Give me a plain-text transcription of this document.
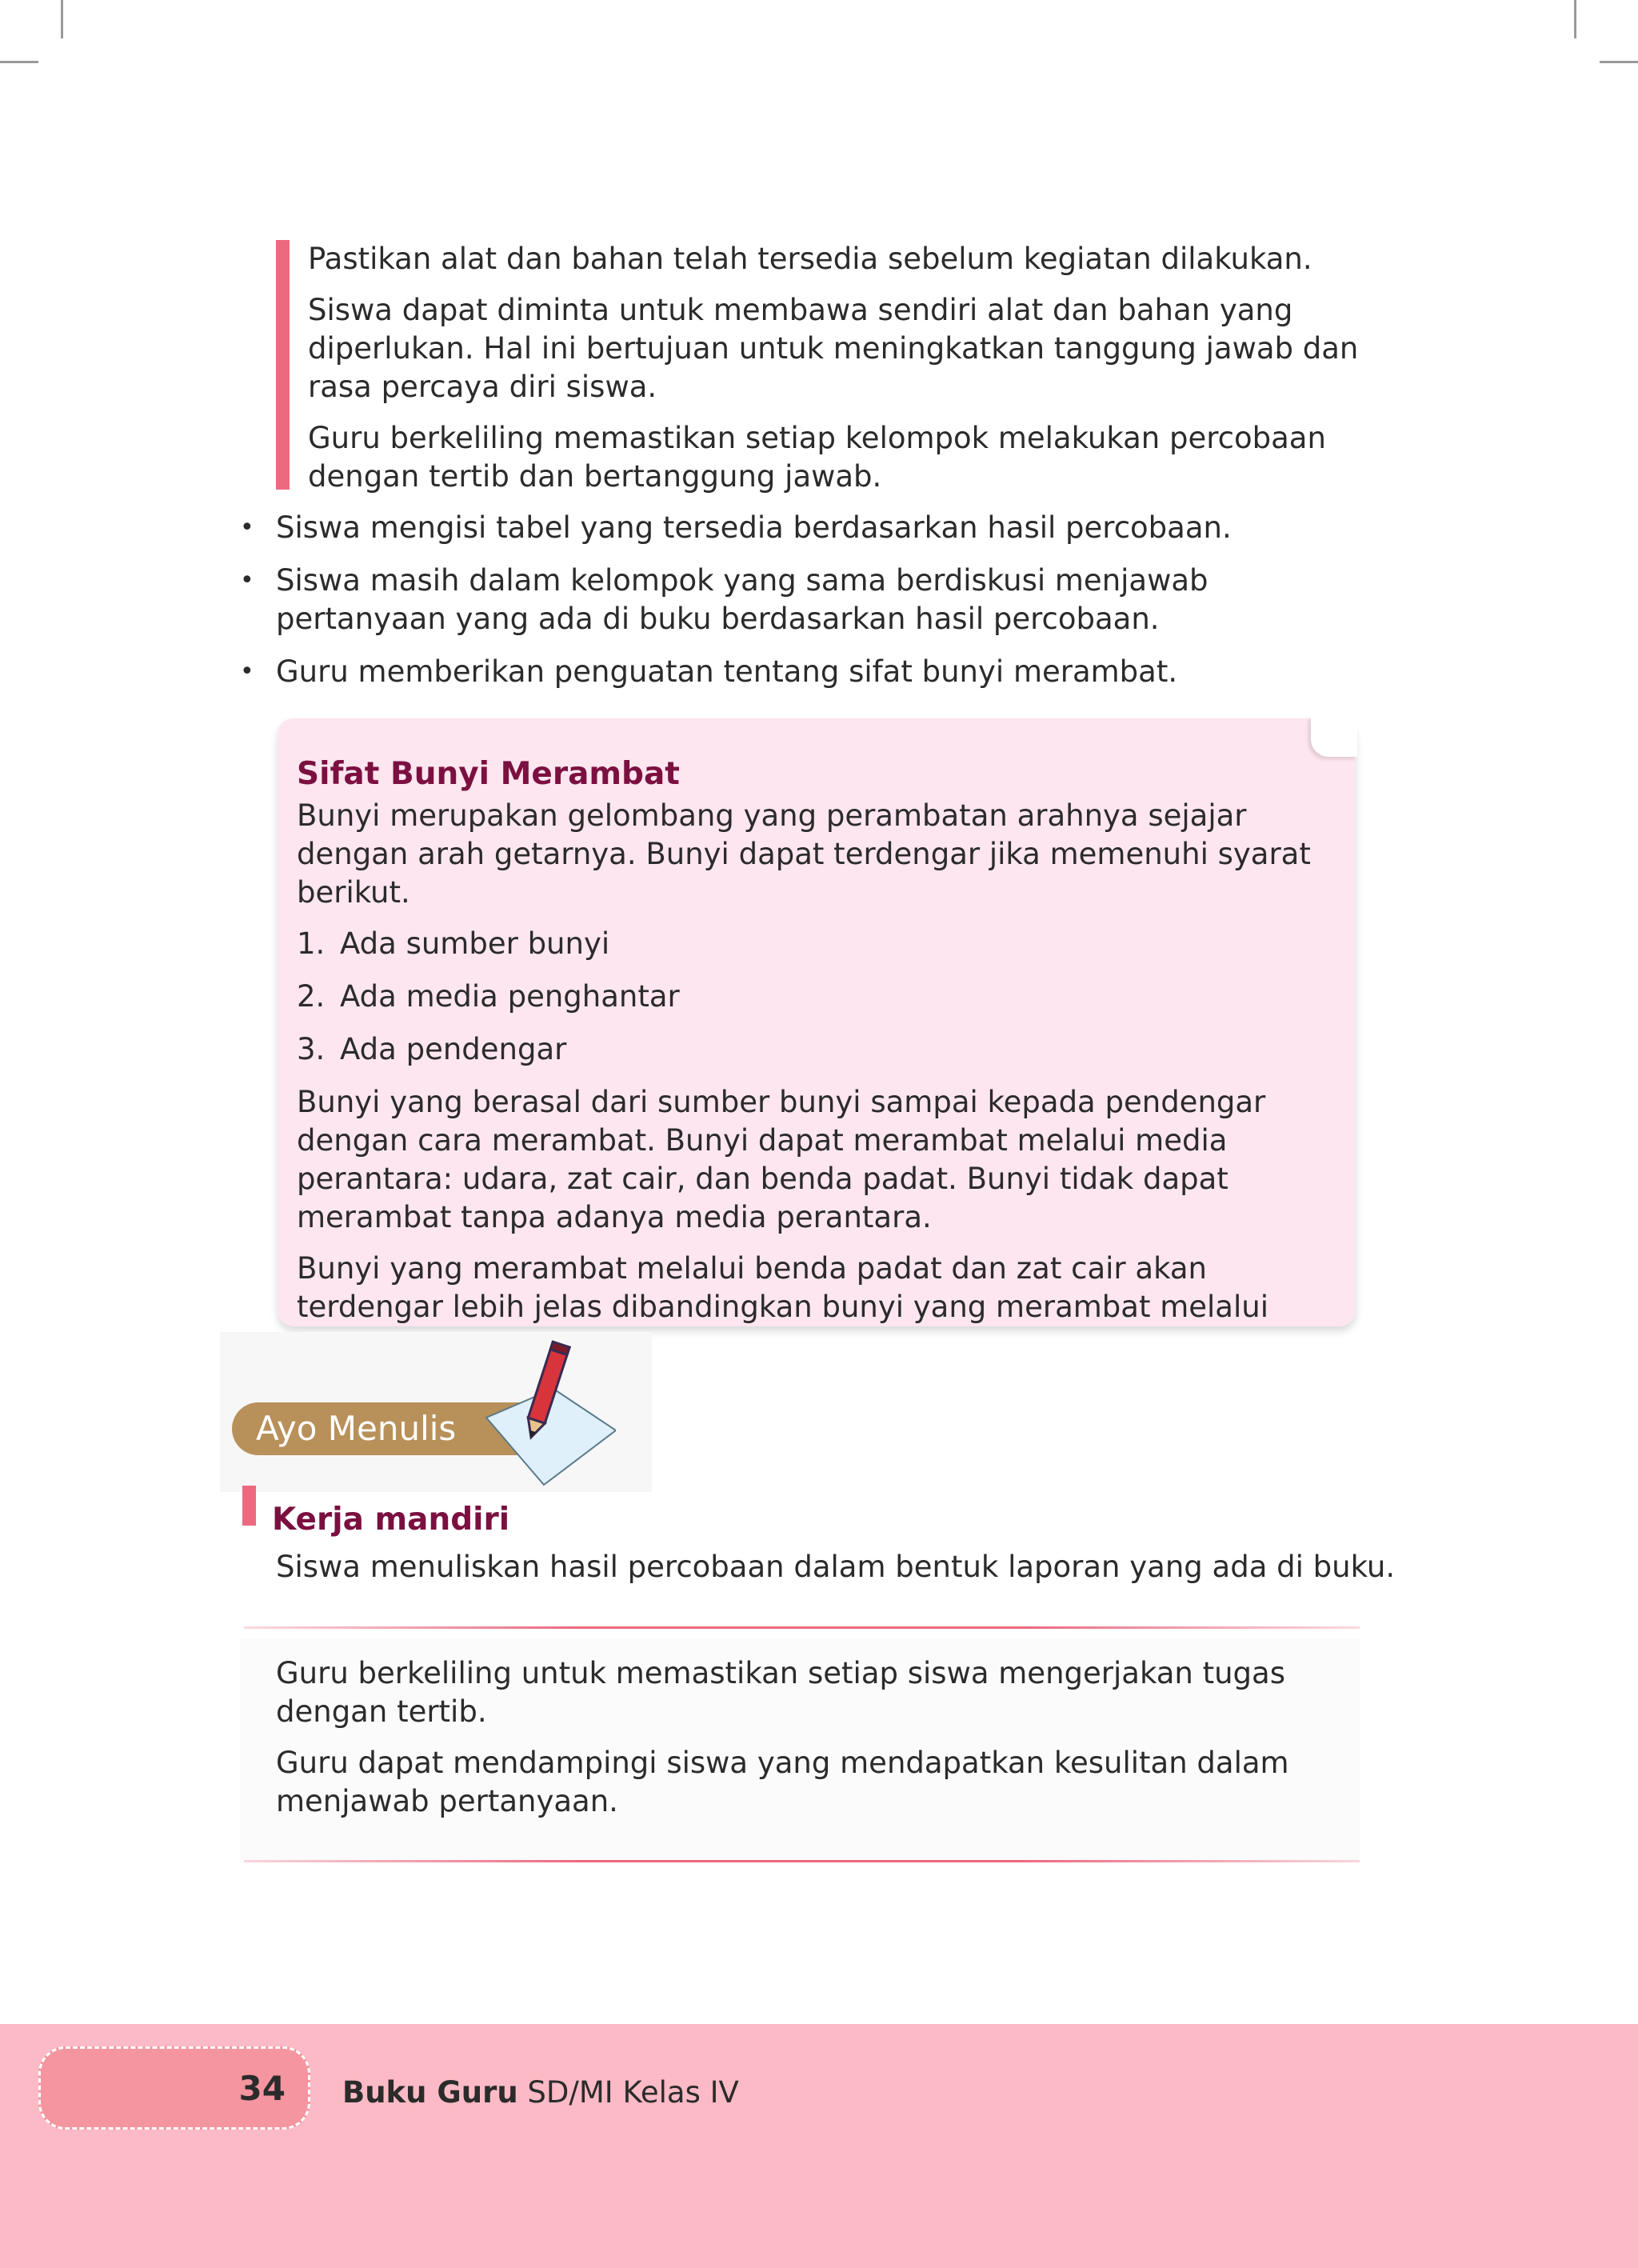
Pastikan alat dan bahan telah tersedia sebelum kegiatan dilakukan.

Siswa dapat diminta untuk membawa sendiri alat dan bahan yang diperlukan. Hal ini bertujuan untuk meningkatkan tanggung jawab dan rasa percaya diri siswa.

Guru berkeliling memastikan setiap kelompok melakukan percobaan dengan tertib dan bertanggung jawab.

• Siswa mengisi tabel yang tersedia berdasarkan hasil percobaan.
• Siswa masih dalam kelompok yang sama berdiskusi menjawab pertanyaan yang ada di buku berdasarkan hasil percobaan.
• Guru memberikan penguatan tentang sifat bunyi merambat.
Sifat Bunyi Merambat

Bunyi merupakan gelombang yang perambatan arahnya sejajar dengan arah getarnya. Bunyi dapat terdengar jika memenuhi syarat berikut.

1. Ada sumber bunyi
2. Ada media penghantar
3. Ada pendengar

Bunyi yang berasal dari sumber bunyi sampai kepada pendengar dengan cara merambat. Bunyi dapat merambat melalui media perantara: udara, zat cair, dan benda padat. Bunyi tidak dapat merambat tanpa adanya media perantara.

Bunyi yang merambat melalui benda padat dan zat cair akan terdengar lebih jelas dibandingkan bunyi yang merambat melalui

Ayo Menulis
Kerja mandiri

Siswa menuliskan hasil percobaan dalam bentuk laporan yang ada di buku.

Guru berkeliling untuk memastikan setiap siswa mengerjakan tugas dengan tertib.

Guru dapat mendampingi siswa yang mendapatkan kesulitan dalam menjawab pertanyaan.

34 Buku Guru SD/MI Kelas IV
